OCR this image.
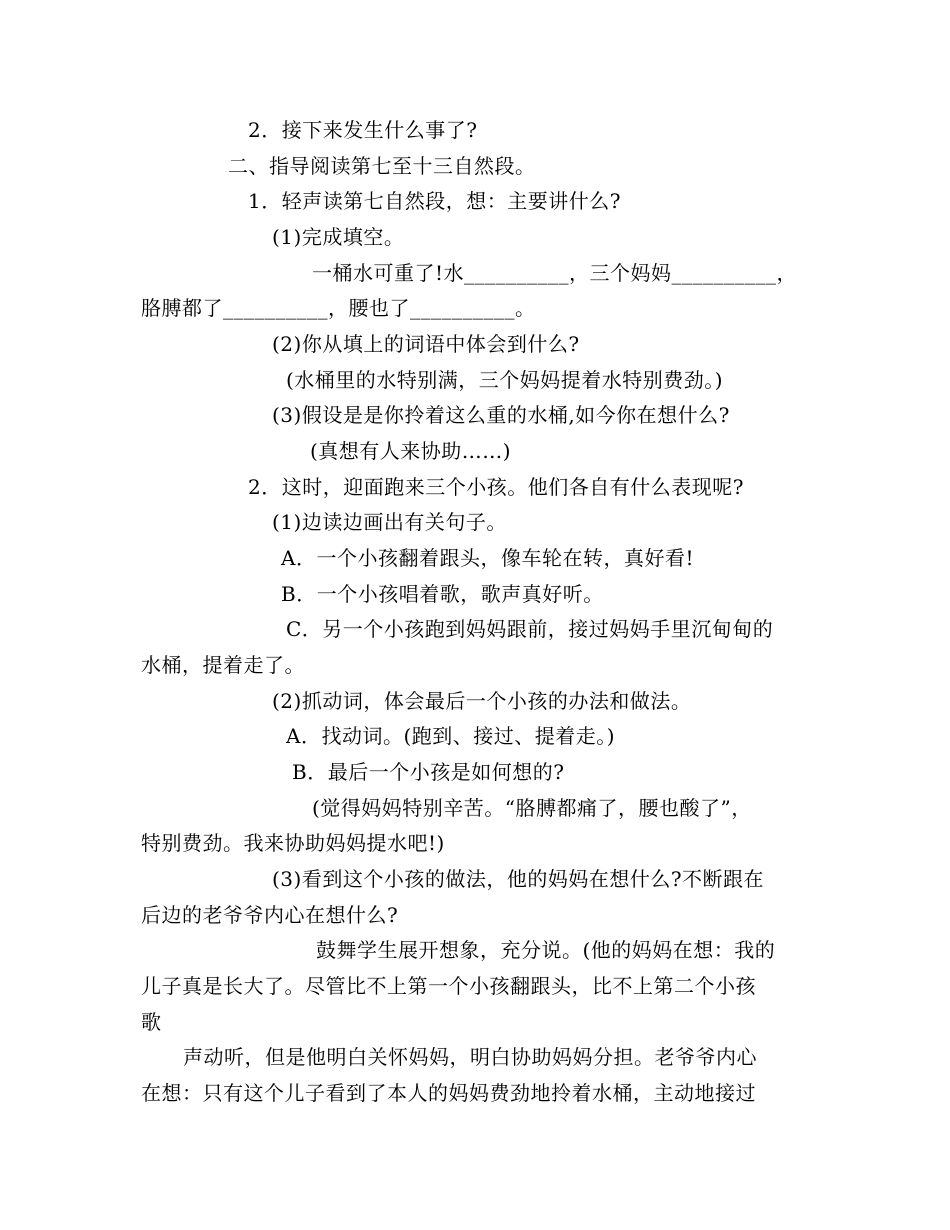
2．接下来发生什么事了?
二、指导阅读第七至十三自然段。
1．轻声读第七自然段，想：主要讲什么?
(1)完成填空。
一桶水可重了!水__________，三个妈妈__________，
胳膊都了__________，腰也了__________。
(2)你从填上的词语中体会到什么?
(水桶里的水特别满，三个妈妈提着水特别费劲。)
(3)假设是是你拎着这么重的水桶,如今你在想什么?
(真想有人来协助……)
2．这时，迎面跑来三个小孩。他们各自有什么表现呢?
(1)边读边画出有关句子。
A．一个小孩翻着跟头，像车轮在转，真好看!
B．一个小孩唱着歌，歌声真好听。
C．另一个小孩跑到妈妈跟前，接过妈妈手里沉甸甸的
水桶，提着走了。
(2)抓动词，体会最后一个小孩的办法和做法。
A．找动词。(跑到、接过、提着走。)
B．最后一个小孩是如何想的?
(觉得妈妈特别辛苦。“胳膊都痛了，腰也酸了”，
特别费劲。我来协助妈妈提水吧!)
(3)看到这个小孩的做法，他的妈妈在想什么?不断跟在
后边的老爷爷内心在想什么?
鼓舞学生展开想象，充分说。(他的妈妈在想：我的
儿子真是长大了。尽管比不上第一个小孩翻跟头，比不上第二个小孩
歌
声动听，但是他明白关怀妈妈，明白协助妈妈分担。老爷爷内心
在想：只有这个儿子看到了本人的妈妈费劲地拎着水桶，主动地接过
